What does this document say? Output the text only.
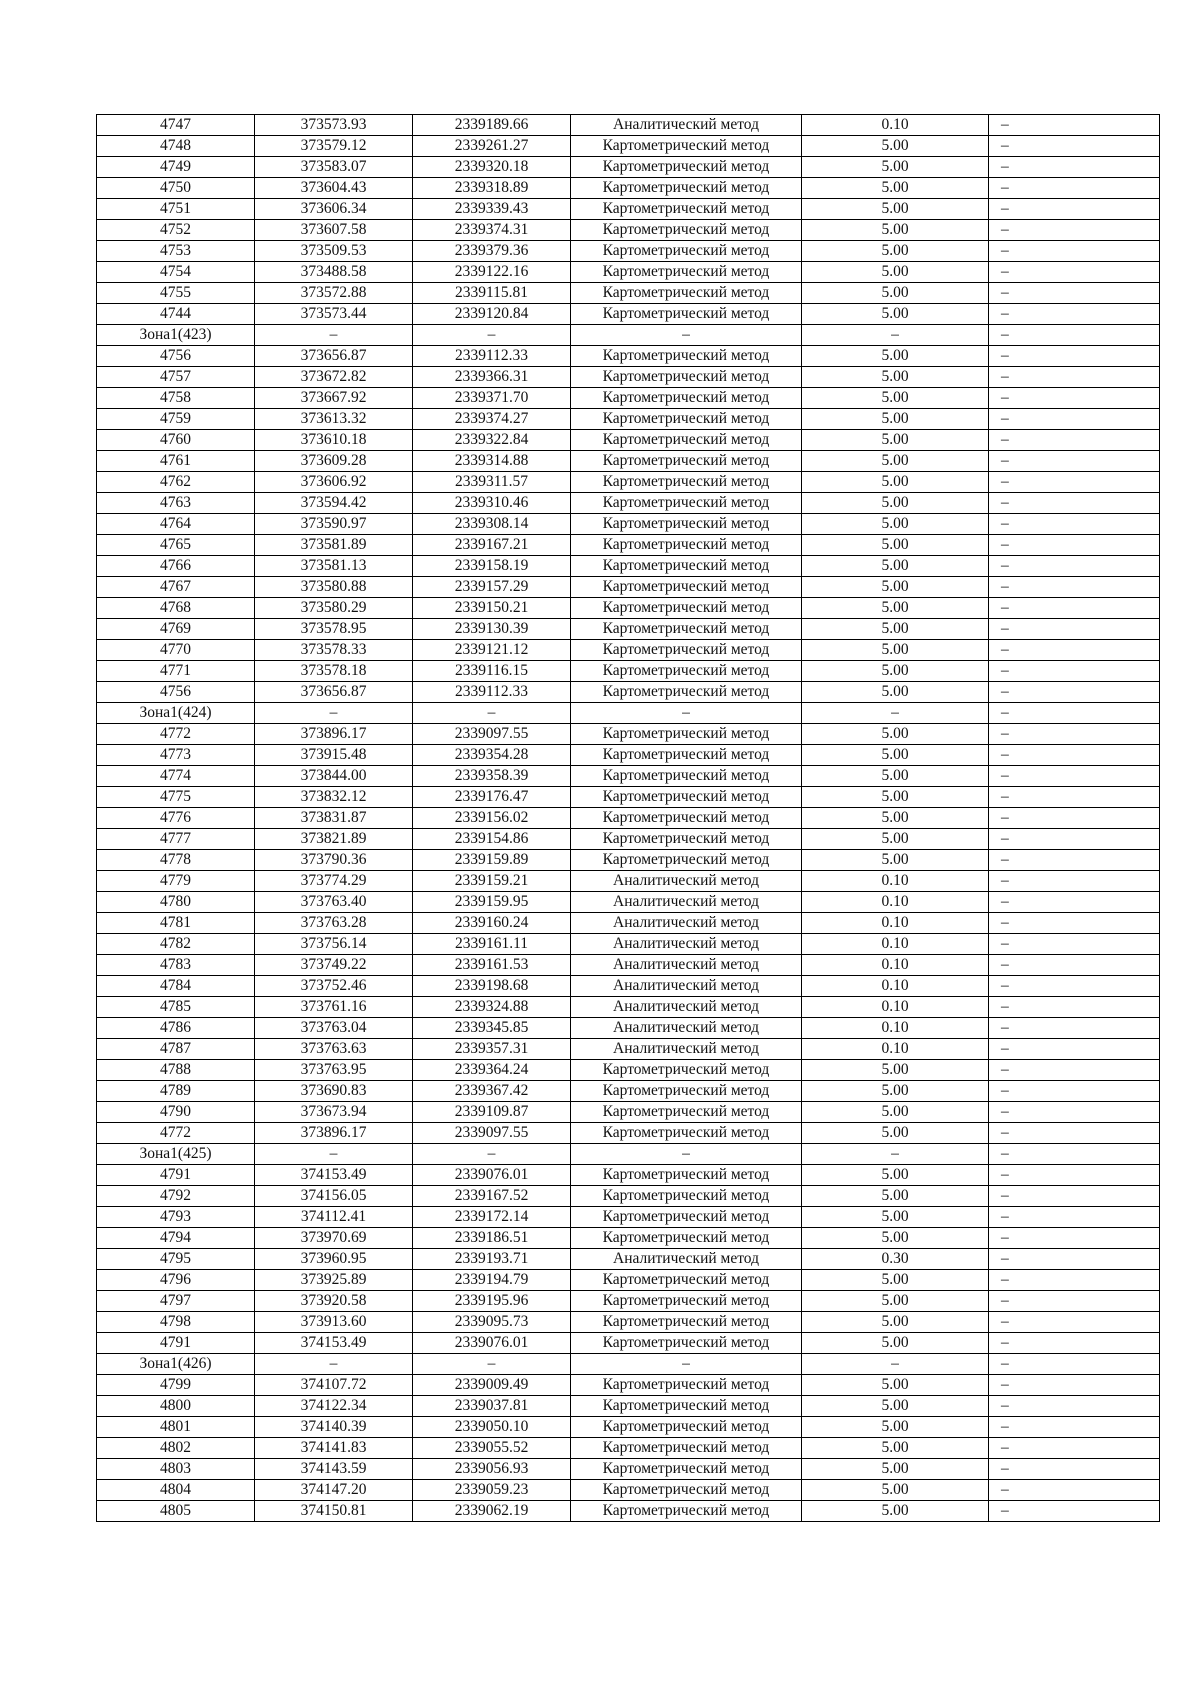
4747	373573.93	2339189.66	Аналитический метод	0.10	–
4748	373579.12	2339261.27	Картометрический метод	5.00	–
4749	373583.07	2339320.18	Картометрический метод	5.00	–
4750	373604.43	2339318.89	Картометрический метод	5.00	–
4751	373606.34	2339339.43	Картометрический метод	5.00	–
4752	373607.58	2339374.31	Картометрический метод	5.00	–
4753	373509.53	2339379.36	Картометрический метод	5.00	–
4754	373488.58	2339122.16	Картометрический метод	5.00	–
4755	373572.88	2339115.81	Картометрический метод	5.00	–
4744	373573.44	2339120.84	Картометрический метод	5.00	–
Зона1(423)	–	–	–	–	–
4756	373656.87	2339112.33	Картометрический метод	5.00	–
4757	373672.82	2339366.31	Картометрический метод	5.00	–
4758	373667.92	2339371.70	Картометрический метод	5.00	–
4759	373613.32	2339374.27	Картометрический метод	5.00	–
4760	373610.18	2339322.84	Картометрический метод	5.00	–
4761	373609.28	2339314.88	Картометрический метод	5.00	–
4762	373606.92	2339311.57	Картометрический метод	5.00	–
4763	373594.42	2339310.46	Картометрический метод	5.00	–
4764	373590.97	2339308.14	Картометрический метод	5.00	–
4765	373581.89	2339167.21	Картометрический метод	5.00	–
4766	373581.13	2339158.19	Картометрический метод	5.00	–
4767	373580.88	2339157.29	Картометрический метод	5.00	–
4768	373580.29	2339150.21	Картометрический метод	5.00	–
4769	373578.95	2339130.39	Картометрический метод	5.00	–
4770	373578.33	2339121.12	Картометрический метод	5.00	–
4771	373578.18	2339116.15	Картометрический метод	5.00	–
4756	373656.87	2339112.33	Картометрический метод	5.00	–
Зона1(424)	–	–	–	–	–
4772	373896.17	2339097.55	Картометрический метод	5.00	–
4773	373915.48	2339354.28	Картометрический метод	5.00	–
4774	373844.00	2339358.39	Картометрический метод	5.00	–
4775	373832.12	2339176.47	Картометрический метод	5.00	–
4776	373831.87	2339156.02	Картометрический метод	5.00	–
4777	373821.89	2339154.86	Картометрический метод	5.00	–
4778	373790.36	2339159.89	Картометрический метод	5.00	–
4779	373774.29	2339159.21	Аналитический метод	0.10	–
4780	373763.40	2339159.95	Аналитический метод	0.10	–
4781	373763.28	2339160.24	Аналитический метод	0.10	–
4782	373756.14	2339161.11	Аналитический метод	0.10	–
4783	373749.22	2339161.53	Аналитический метод	0.10	–
4784	373752.46	2339198.68	Аналитический метод	0.10	–
4785	373761.16	2339324.88	Аналитический метод	0.10	–
4786	373763.04	2339345.85	Аналитический метод	0.10	–
4787	373763.63	2339357.31	Аналитический метод	0.10	–
4788	373763.95	2339364.24	Картометрический метод	5.00	–
4789	373690.83	2339367.42	Картометрический метод	5.00	–
4790	373673.94	2339109.87	Картометрический метод	5.00	–
4772	373896.17	2339097.55	Картометрический метод	5.00	–
Зона1(425)	–	–	–	–	–
4791	374153.49	2339076.01	Картометрический метод	5.00	–
4792	374156.05	2339167.52	Картометрический метод	5.00	–
4793	374112.41	2339172.14	Картометрический метод	5.00	–
4794	373970.69	2339186.51	Картометрический метод	5.00	–
4795	373960.95	2339193.71	Аналитический метод	0.30	–
4796	373925.89	2339194.79	Картометрический метод	5.00	–
4797	373920.58	2339195.96	Картометрический метод	5.00	–
4798	373913.60	2339095.73	Картометрический метод	5.00	–
4791	374153.49	2339076.01	Картометрический метод	5.00	–
Зона1(426)	–	–	–	–	–
4799	374107.72	2339009.49	Картометрический метод	5.00	–
4800	374122.34	2339037.81	Картометрический метод	5.00	–
4801	374140.39	2339050.10	Картометрический метод	5.00	–
4802	374141.83	2339055.52	Картометрический метод	5.00	–
4803	374143.59	2339056.93	Картометрический метод	5.00	–
4804	374147.20	2339059.23	Картометрический метод	5.00	–
4805	374150.81	2339062.19	Картометрический метод	5.00	–
